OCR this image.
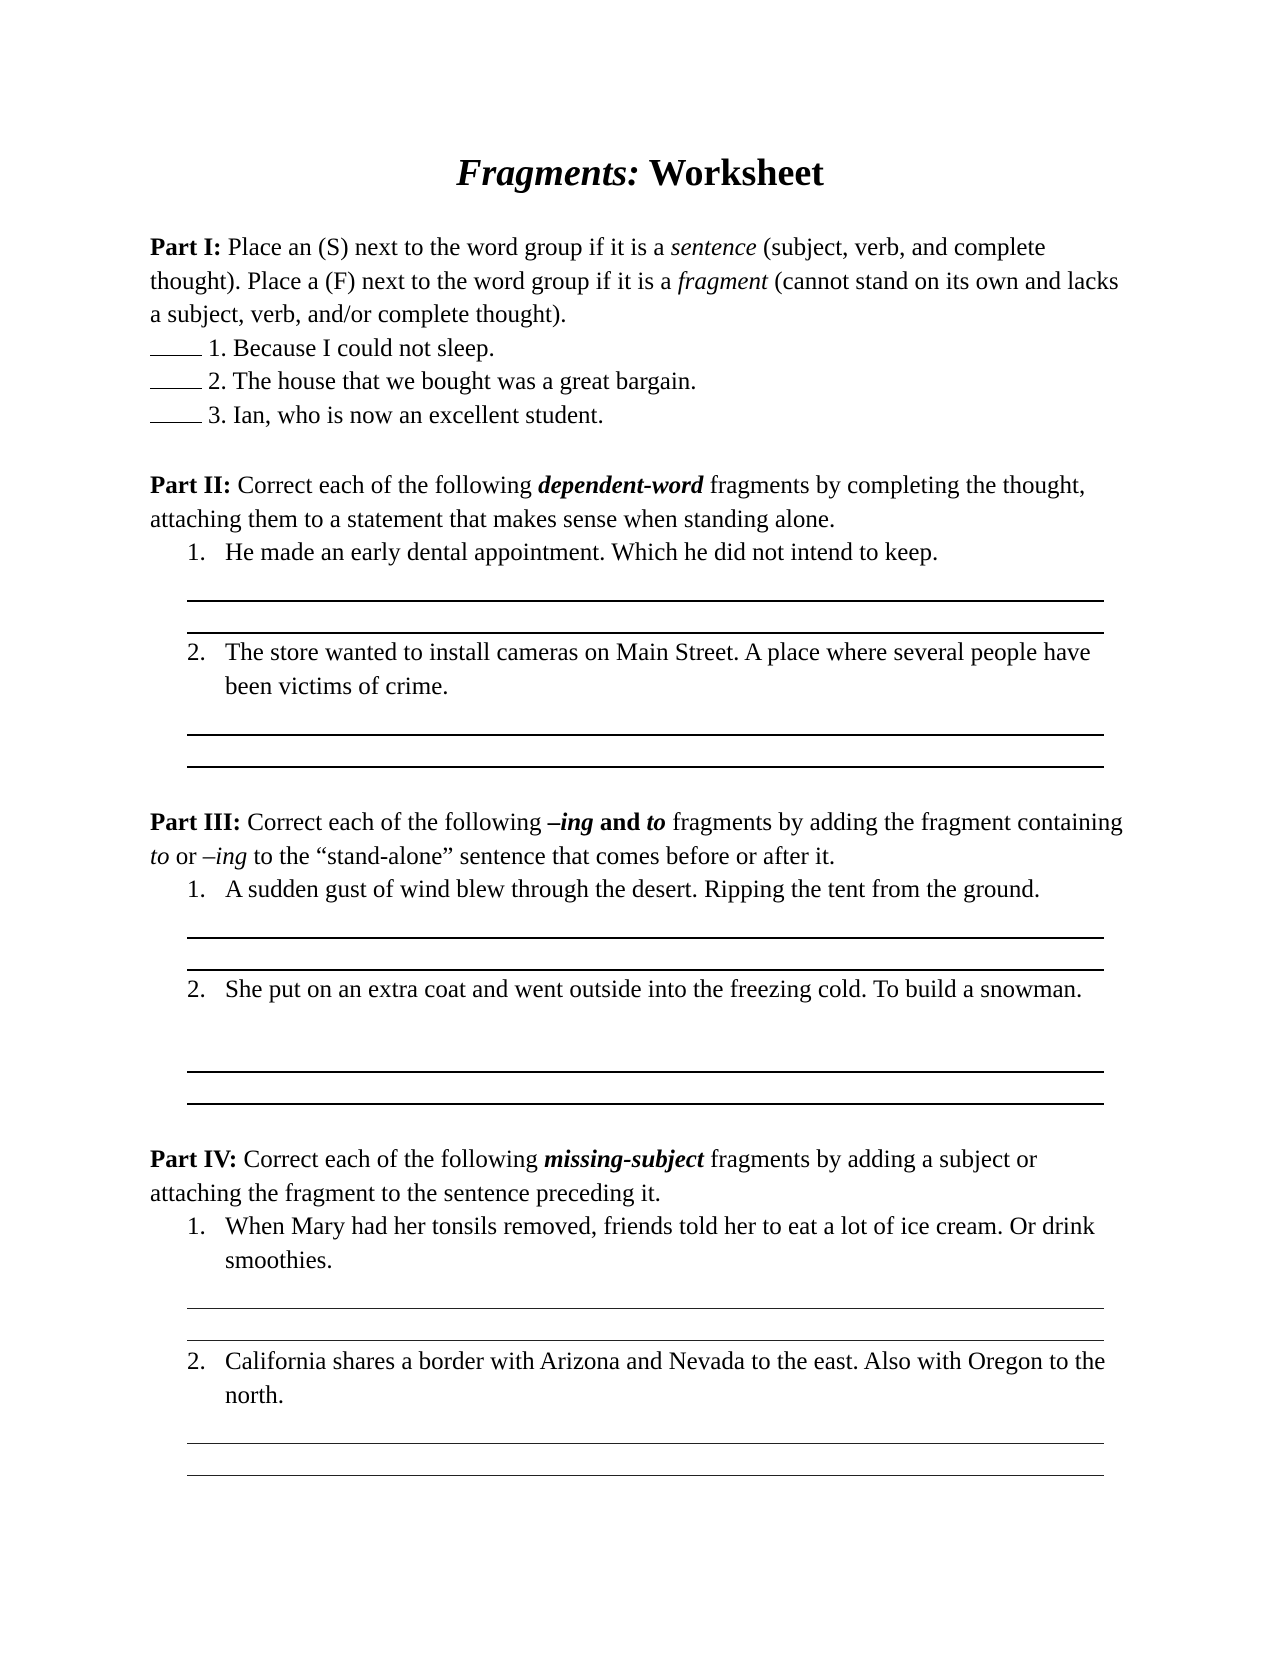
Fragments: Worksheet
Part I: Place an (S) next to the word group if it is a sentence (subject, verb, and complete thought). Place a (F) next to the word group if it is a fragment (cannot stand on its own and lacks a subject, verb, and/or complete thought).
1. Because I could not sleep.
2. The house that we bought was a great bargain.
3. Ian, who is now an excellent student.
Part II: Correct each of the following dependent-word fragments by completing the thought, attaching them to a statement that makes sense when standing alone.
1. He made an early dental appointment. Which he did not intend to keep.
2. The store wanted to install cameras on Main Street. A place where several people have been victims of crime.
Part III: Correct each of the following –ing and to fragments by adding the fragment containing to or –ing to the “stand-alone” sentence that comes before or after it.
1. A sudden gust of wind blew through the desert. Ripping the tent from the ground.
2. She put on an extra coat and went outside into the freezing cold. To build a snowman.
Part IV: Correct each of the following missing-subject fragments by adding a subject or attaching the fragment to the sentence preceding it.
1. When Mary had her tonsils removed, friends told her to eat a lot of ice cream. Or drink smoothies.
2. California shares a border with Arizona and Nevada to the east. Also with Oregon to the north.
